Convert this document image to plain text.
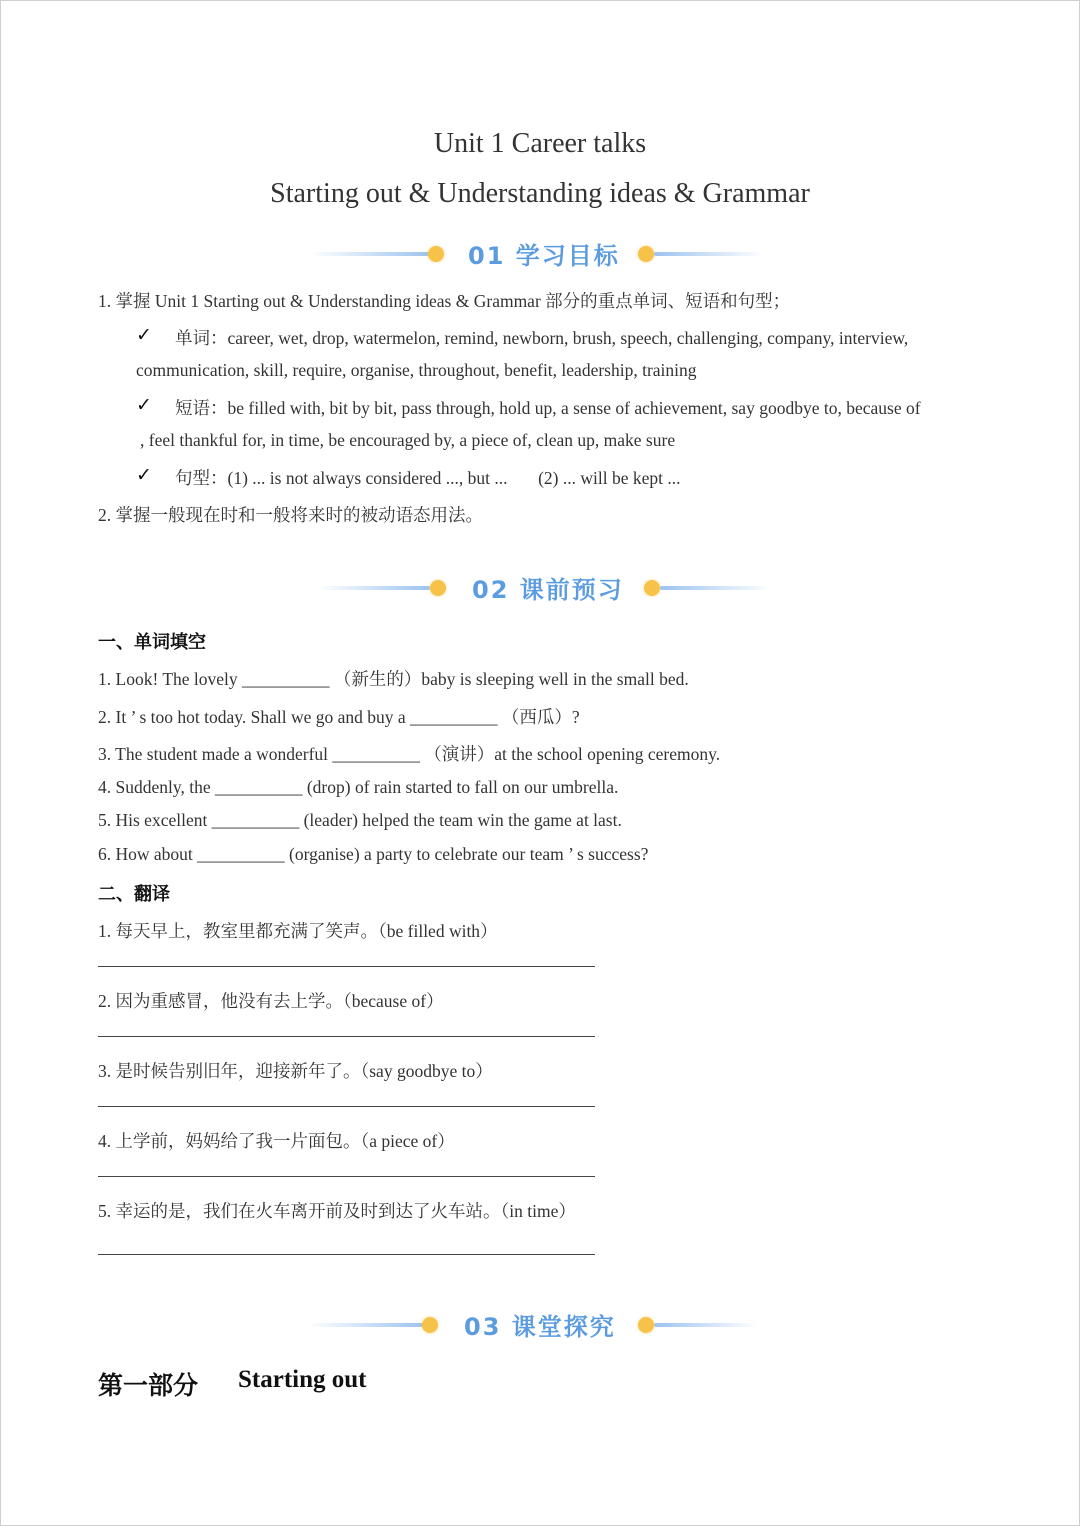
Unit 1 Career talks
Starting out & Understanding ideas & Grammar
01 学习目标
1. 掌握 Unit 1 Starting out & Understanding ideas & Grammar 部分的重点单词、短语和句型；
✓ 单词：career, wet, drop, watermelon, remind, newborn, brush, speech, challenging, company, interview,
communication, skill, require, organise, throughout, benefit, leadership, training
✓ 短语：be filled with, bit by bit, pass through, hold up, a sense of achievement, say goodbye to, because of
, feel thankful for, in time, be encouraged by, a piece of, clean up, make sure
✓ 句型：(1) ... is not always considered ..., but ...       (2) ... will be kept ...
2. 掌握一般现在时和一般将来时的被动语态用法。
02 课前预习
一、单词填空
1. Look! The lovely __________ （新生的）baby is sleeping well in the small bed.
2. It ’ s too hot today. Shall we go and buy a __________ （西瓜）?
3. The student made a wonderful __________ （演讲）at the school opening ceremony.
4. Suddenly, the __________ (drop) of rain started to fall on our umbrella.
5. His excellent __________ (leader) helped the team win the game at last.
6. How about __________ (organise) a party to celebrate our team ’ s success?
二、翻译
1. 每天早上，教室里都充满了笑声。（be filled with）
2. 因为重感冒，他没有去上学。（because of）
3. 是时候告别旧年，迎接新年了。（say goodbye to）
4. 上学前，妈妈给了我一片面包。（a piece of）
5. 幸运的是，我们在火车离开前及时到达了火车站。（in time）
03 课堂探究
第一部分 Starting out
